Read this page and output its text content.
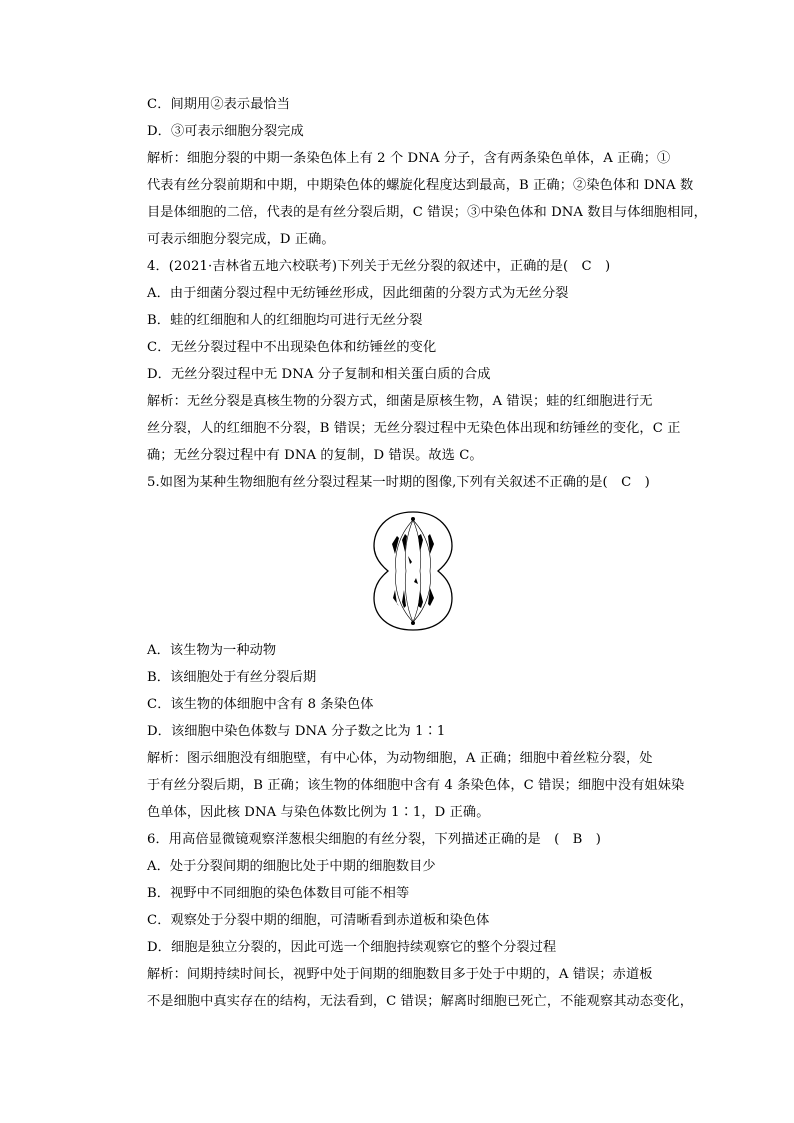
C．间期用②表示最恰当
D．③可表示细胞分裂完成
解析：细胞分裂的中期一条染色体上有 2 个 DNA 分子，含有两条染色单体，A 正确；①
代表有丝分裂前期和中期，中期染色体的螺旋化程度达到最高，B 正确；②染色体和 DNA 数
目是体细胞的二倍，代表的是有丝分裂后期，C 错误；③中染色体和 DNA 数目与体细胞相同，
可表示细胞分裂完成，D 正确。
4．(2021·吉林省五地六校联考)下列关于无丝分裂的叙述中，正确的是(　C　)
A．由于细菌分裂过程中无纺锤丝形成，因此细菌的分裂方式为无丝分裂
B．蛙的红细胞和人的红细胞均可进行无丝分裂
C．无丝分裂过程中不出现染色体和纺锤丝的变化
D．无丝分裂过程中无 DNA 分子复制和相关蛋白质的合成
解析：无丝分裂是真核生物的分裂方式，细菌是原核生物，A 错误；蛙的红细胞进行无
丝分裂，人的红细胞不分裂，B 错误；无丝分裂过程中无染色体出现和纺锤丝的变化，C 正
确；无丝分裂过程中有 DNA 的复制，D 错误。故选 C。
5.如图为某种生物细胞有丝分裂过程某一时期的图像,下列有关叙述不正确的是(　C　)
A．该生物为一种动物
B．该细胞处于有丝分裂后期
C．该生物的体细胞中含有 8 条染色体
D．该细胞中染色体数与 DNA 分子数之比为 1∶1
解析：图示细胞没有细胞壁，有中心体，为动物细胞，A 正确；细胞中着丝粒分裂，处
于有丝分裂后期，B 正确；该生物的体细胞中含有 4 条染色体，C 错误；细胞中没有姐妹染
色单体，因此核 DNA 与染色体数比例为 1∶1，D 正确。
6．用高倍显微镜观察洋葱根尖细胞的有丝分裂，下列描述正确的是　(　B　)
A．处于分裂间期的细胞比处于中期的细胞数目少
B．视野中不同细胞的染色体数目可能不相等
C．观察处于分裂中期的细胞，可清晰看到赤道板和染色体
D．细胞是独立分裂的，因此可选一个细胞持续观察它的整个分裂过程
解析：间期持续时间长，视野中处于间期的细胞数目多于处于中期的，A 错误；赤道板
不是细胞中真实存在的结构，无法看到，C 错误；解离时细胞已死亡，不能观察其动态变化，
